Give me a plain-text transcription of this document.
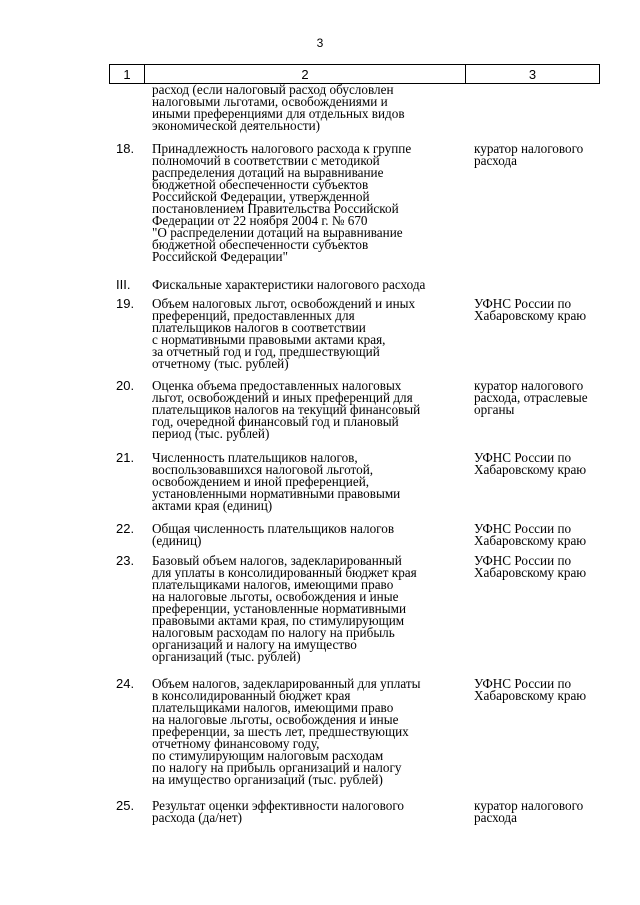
3
1	2	3
расход (если налоговый расход обусловлен
налоговыми льготами, освобождениями и
иными преференциями для отдельных видов
экономической деятельности)
18. Принадлежность налогового расхода к группе
полномочий в соответствии с методикой
распределения дотаций на выравнивание
бюджетной обеспеченности субъектов
Российской Федерации, утвержденной
постановлением Правительства Российской
Федерации от 22 ноября 2004 г. № 670
"О распределении дотаций на выравнивание
бюджетной обеспеченности субъектов
Российской Федерации"
куратор налогового
расхода
III. Фискальные характеристики налогового расхода
19. Объем налоговых льгот, освобождений и иных
преференций, предоставленных для
плательщиков налогов в соответствии
с нормативными правовыми актами края,
за отчетный год и год, предшествующий
отчетному (тыс. рублей)
УФНС России по
Хабаровскому краю
20. Оценка объема предоставленных налоговых
льгот, освобождений и иных преференций для
плательщиков налогов на текущий финансовый
год, очередной финансовый год и плановый
период (тыс. рублей)
куратор налогового
расхода, отраслевые
органы
21. Численность плательщиков налогов,
воспользовавшихся налоговой льготой,
освобождением и иной преференцией,
установленными нормативными правовыми
актами края (единиц)
УФНС России по
Хабаровскому краю
22. Общая численность плательщиков налогов
(единиц)
УФНС России по
Хабаровскому краю
23. Базовый объем налогов, задекларированный
для уплаты в консолидированный бюджет края
плательщиками налогов, имеющими право
на налоговые льготы, освобождения и иные
преференции, установленные нормативными
правовыми актами края, по стимулирующим
налоговым расходам по налогу на прибыль
организаций и налогу на имущество
организаций (тыс. рублей)
УФНС России по
Хабаровскому краю
24. Объем налогов, задекларированный для уплаты
в консолидированный бюджет края
плательщиками налогов, имеющими право
на налоговые льготы, освобождения и иные
преференции, за шесть лет, предшествующих
отчетному финансовому году,
по стимулирующим налоговым расходам
по налогу на прибыль организаций и налогу
на имущество организаций (тыс. рублей)
УФНС России по
Хабаровскому краю
25. Результат оценки эффективности налогового
расхода (да/нет)
куратор налогового
расхода
